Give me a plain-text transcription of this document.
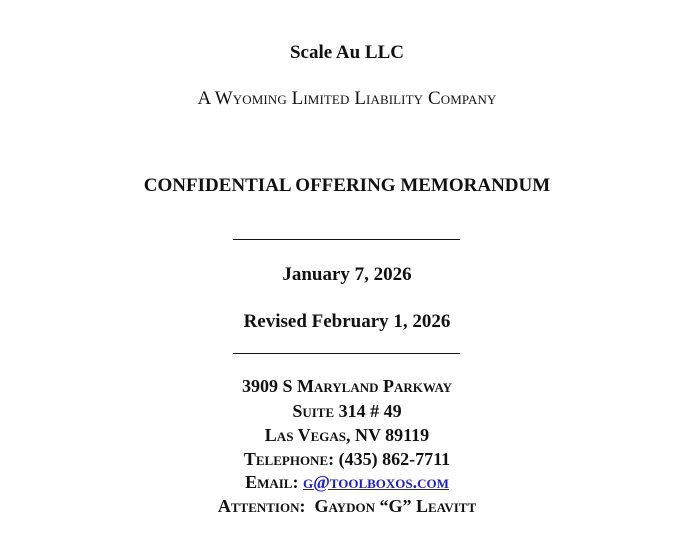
Scale Au LLC
A Wyoming Limited Liability Company
CONFIDENTIAL OFFERING MEMORANDUM
January 7, 2026
Revised February 1, 2026
3909 S Maryland Parkway
Suite 314 # 49
Las Vegas, NV 89119
Telephone: (435) 862-7711
Email: g@toolboxos.com
Attention: Gaydon “G” Leavitt
